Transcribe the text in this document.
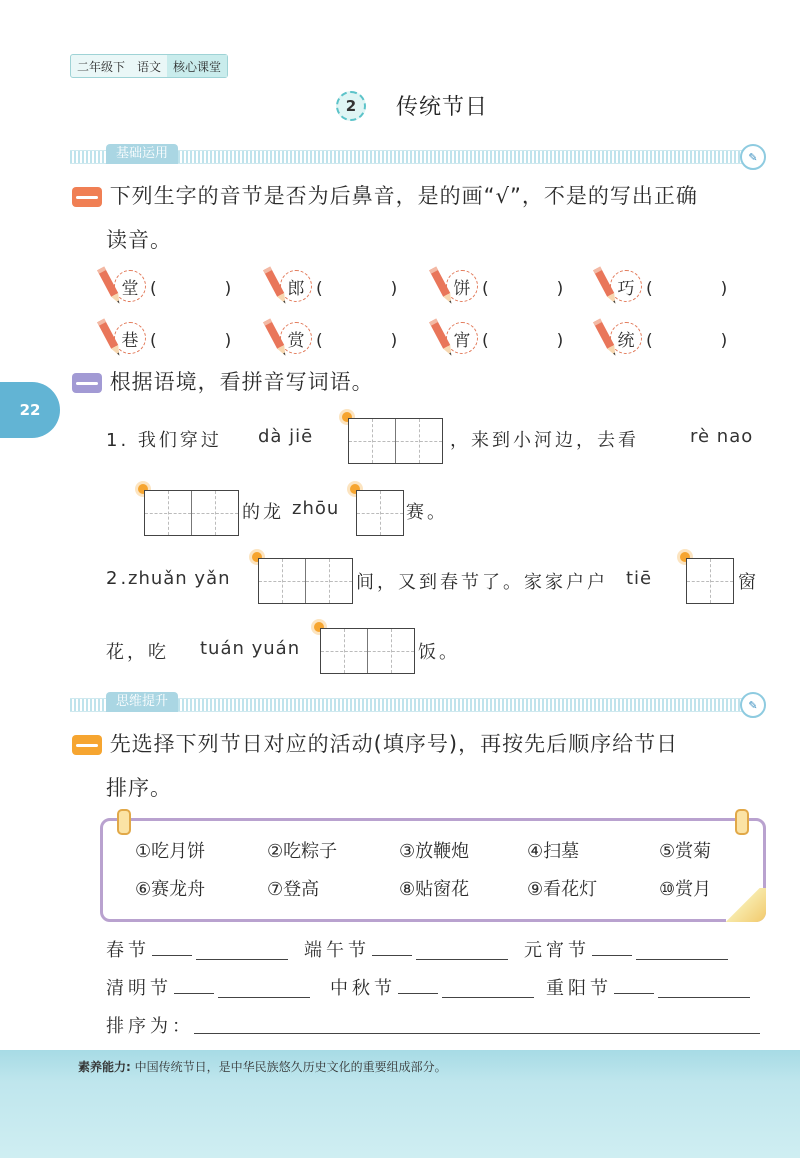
二年级下	语文	核心课堂
2	传统节日
基础运用	✎
下列生字的音节是否为后鼻音，是的画“√”，不是的写出正确
读音。
堂 (　　　　)	郎 (　　　　)	饼 (　　　　)	巧 (　　　　)
巷 (　　　　)	赏 (　　　　)	宵 (　　　　)	统 (　　　　)
22
根据语境，看拼音写词语。
1. 我们穿过 dà jiē	，来到小河边，去看	rè nao
的龙 zhōu	赛。
2.
zhuǎn yǎn	间，又到春节了。家家户户 tiē	窗
花，吃 tuán yuán	饭。
思维提升	✎
先选择下列节日对应的活动(填序号)，再按先后顺序给节日
排序。
①吃月饼	②吃粽子	③放鞭炮	④扫墓	⑤赏菊
⑥赛龙舟	⑦登高	⑧贴窗花	⑨看花灯	⑩赏月
春节	端午节	元宵节
清明节	中秋节	重阳节
排序为：
素养能力: 中国传统节日，是中华民族悠久历史文化的重要组成部分。
